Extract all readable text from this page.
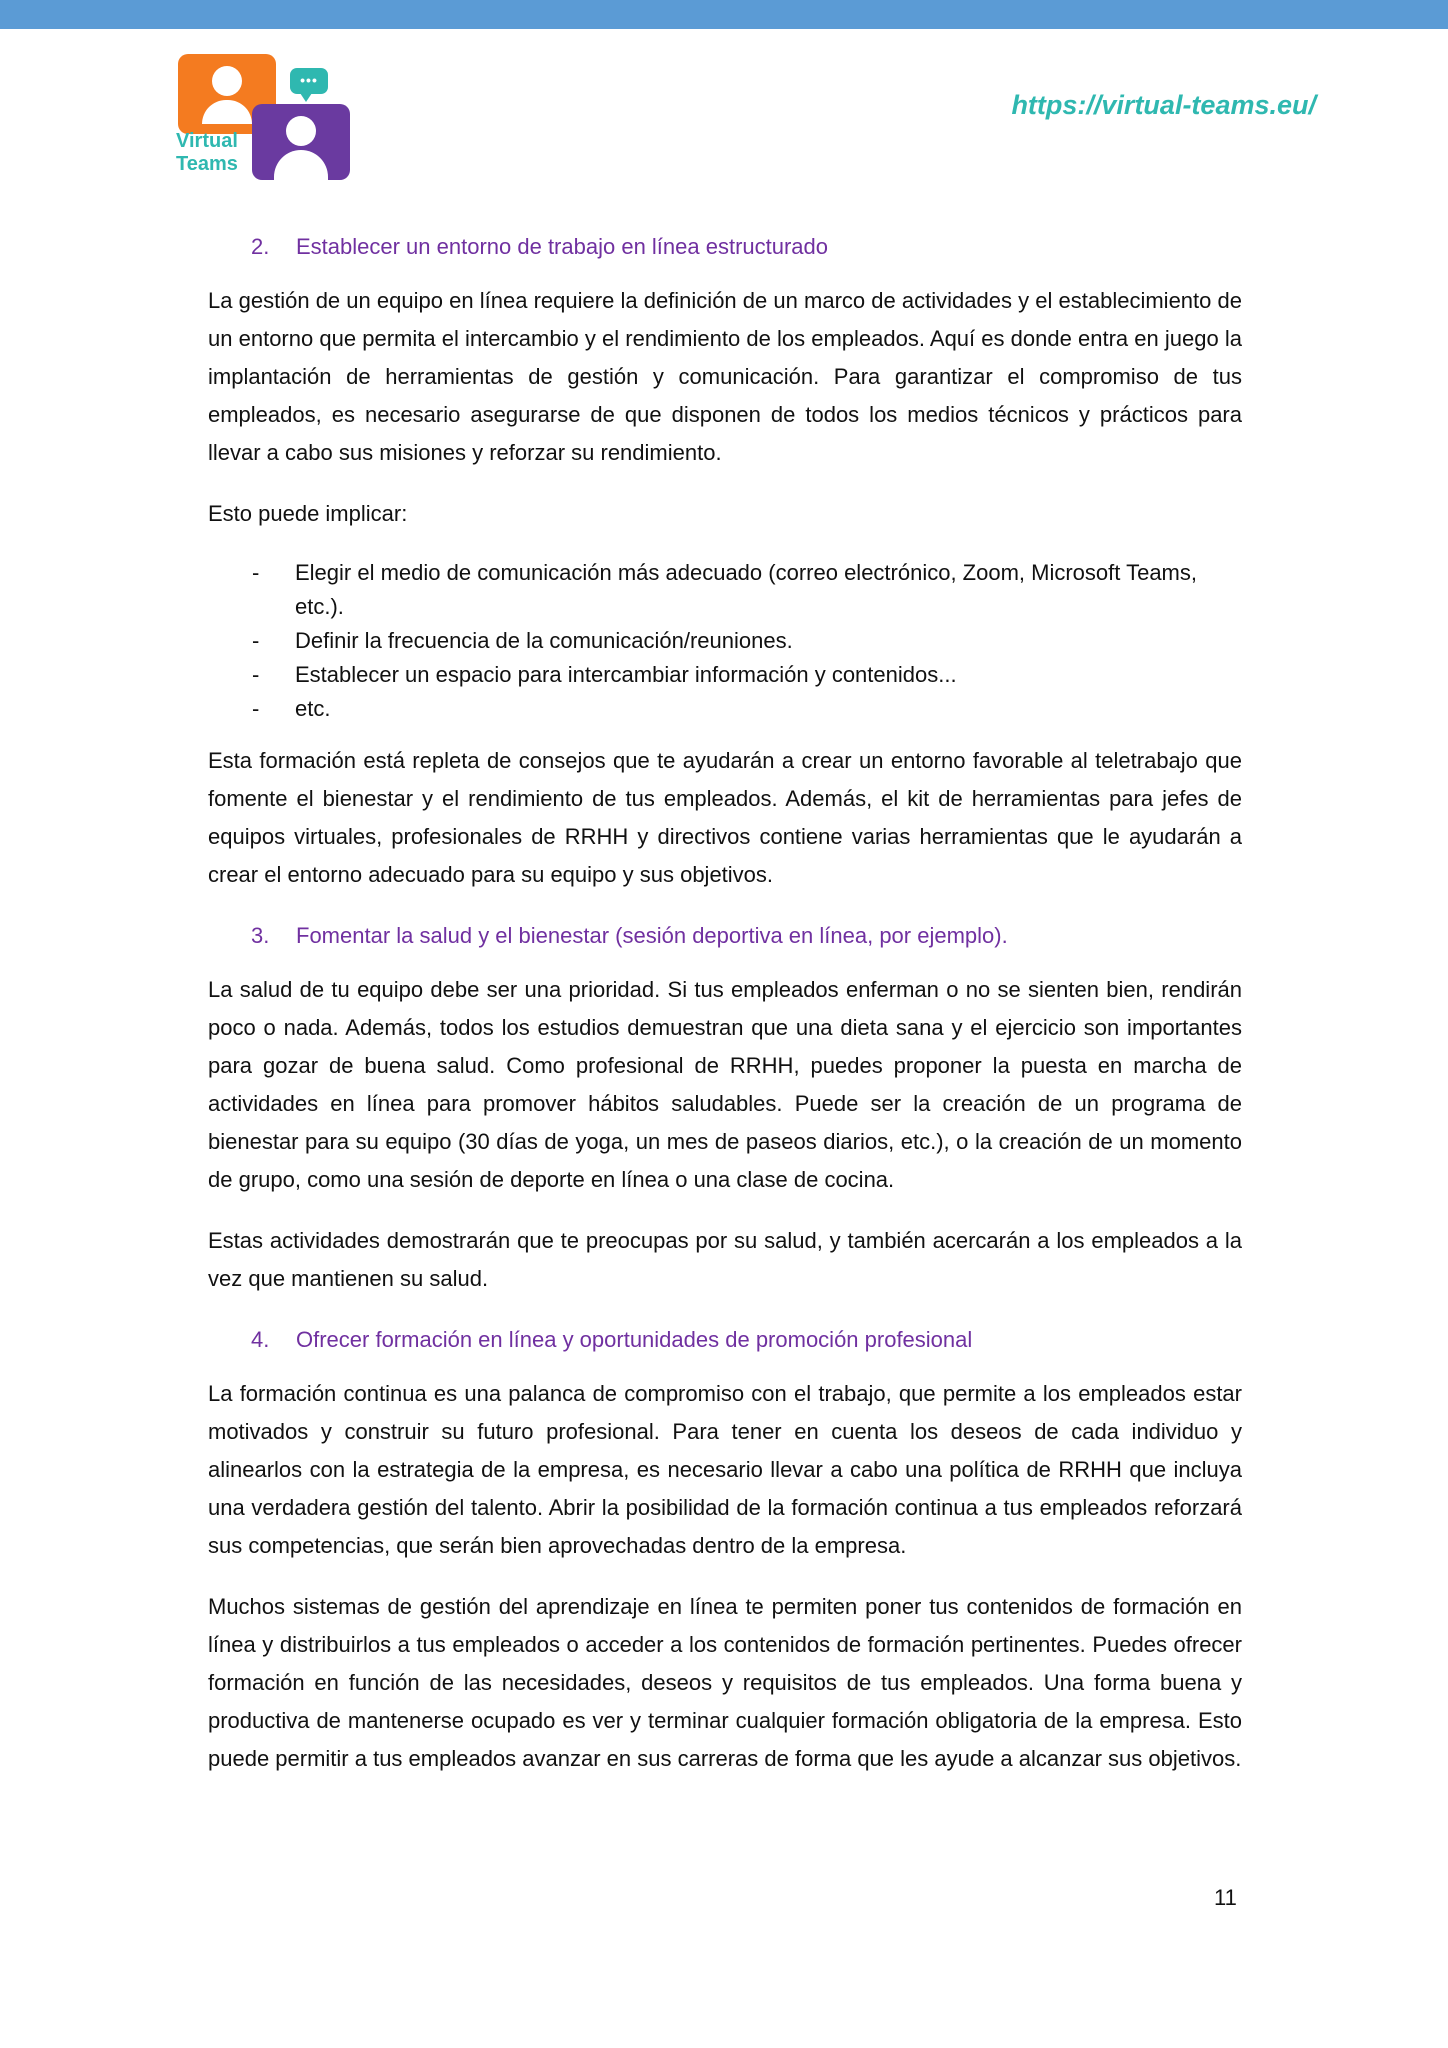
•••
Virtual
Teams
https://virtual-teams.eu/
2.	Establecer un entorno de trabajo en línea estructurado

La gestión de un equipo en línea requiere la definición de un marco de actividades y el establecimiento de un entorno que permita el intercambio y el rendimiento de los empleados. Aquí es donde entra en juego la implantación de herramientas de gestión y comunicación. Para garantizar el compromiso de tus empleados, es necesario asegurarse de que disponen de todos los medios técnicos y prácticos para llevar a cabo sus misiones y reforzar su rendimiento.

Esto puede implicar:

- Elegir el medio de comunicación más adecuado (correo electrónico, Zoom, Microsoft Teams, etc.).
- Definir la frecuencia de la comunicación/reuniones.
- Establecer un espacio para intercambiar información y contenidos...
- etc.

Esta formación está repleta de consejos que te ayudarán a crear un entorno favorable al teletrabajo que fomente el bienestar y el rendimiento de tus empleados. Además, el kit de herramientas para jefes de equipos virtuales, profesionales de RRHH y directivos contiene varias herramientas que le ayudarán a crear el entorno adecuado para su equipo y sus objetivos.

3.	Fomentar la salud y el bienestar (sesión deportiva en línea, por ejemplo).

La salud de tu equipo debe ser una prioridad. Si tus empleados enferman o no se sienten bien, rendirán poco o nada. Además, todos los estudios demuestran que una dieta sana y el ejercicio son importantes para gozar de buena salud. Como profesional de RRHH, puedes proponer la puesta en marcha de actividades en línea para promover hábitos saludables. Puede ser la creación de un programa de bienestar para su equipo (30 días de yoga, un mes de paseos diarios, etc.), o la creación de un momento de grupo, como una sesión de deporte en línea o una clase de cocina.

Estas actividades demostrarán que te preocupas por su salud, y también acercarán a los empleados a la vez que mantienen su salud.

4.	Ofrecer formación en línea y oportunidades de promoción profesional

La formación continua es una palanca de compromiso con el trabajo, que permite a los empleados estar motivados y construir su futuro profesional. Para tener en cuenta los deseos de cada individuo y alinearlos con la estrategia de la empresa, es necesario llevar a cabo una política de RRHH que incluya una verdadera gestión del talento. Abrir la posibilidad de la formación continua a tus empleados reforzará sus competencias, que serán bien aprovechadas dentro de la empresa.

Muchos sistemas de gestión del aprendizaje en línea te permiten poner tus contenidos de formación en línea y distribuirlos a tus empleados o acceder a los contenidos de formación pertinentes. Puedes ofrecer formación en función de las necesidades, deseos y requisitos de tus empleados. Una forma buena y productiva de mantenerse ocupado es ver y terminar cualquier formación obligatoria de la empresa. Esto puede permitir a tus empleados avanzar en sus carreras de forma que les ayude a alcanzar sus objetivos.

11
